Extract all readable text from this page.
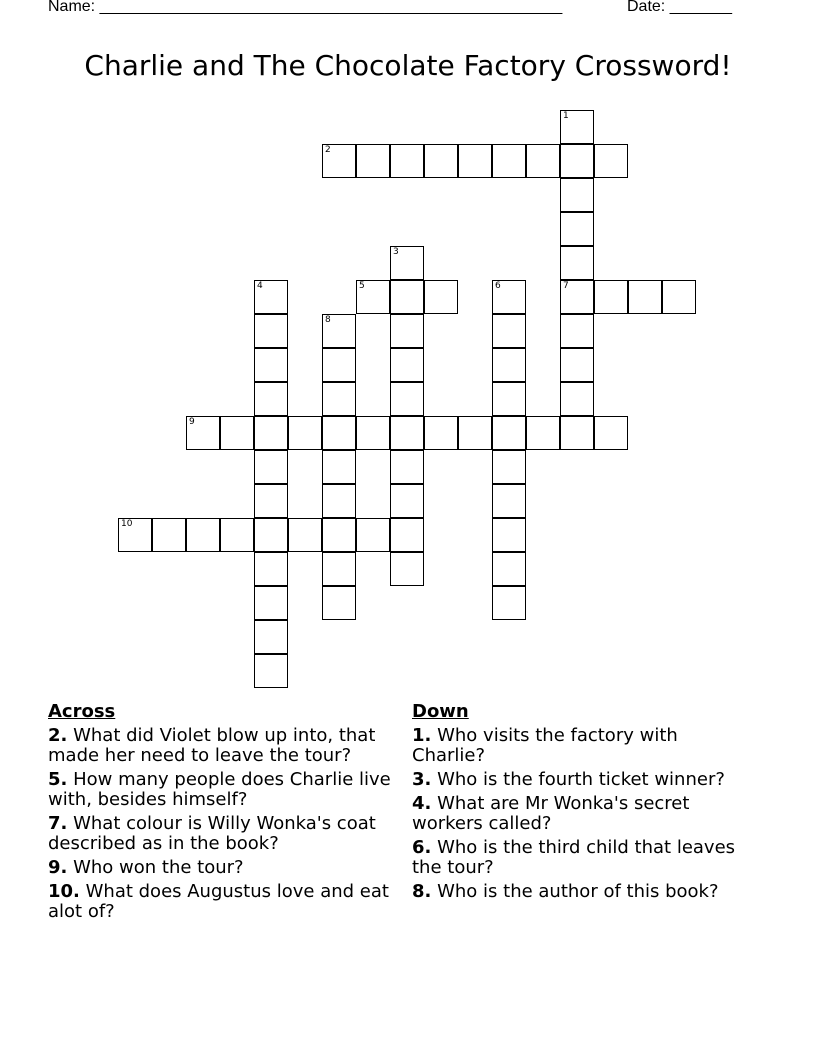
Name: ____________________________________________________	Date: _______
Charlie and The Chocolate Factory Crossword!
1
7
2
3
4	5	6
8
9
10
Across
2. What did Violet blow up into, that made her need to leave the tour?
5. How many people does Charlie live with, besides himself?
7. What colour is Willy Wonka's coat described as in the book?
9. Who won the tour?
10. What does Augustus love and eat alot of?
Down
1. Who visits the factory with Charlie?
3. Who is the fourth ticket winner?
4. What are Mr Wonka's secret workers called?
6. Who is the third child that leaves the tour?
8. Who is the author of this book?
